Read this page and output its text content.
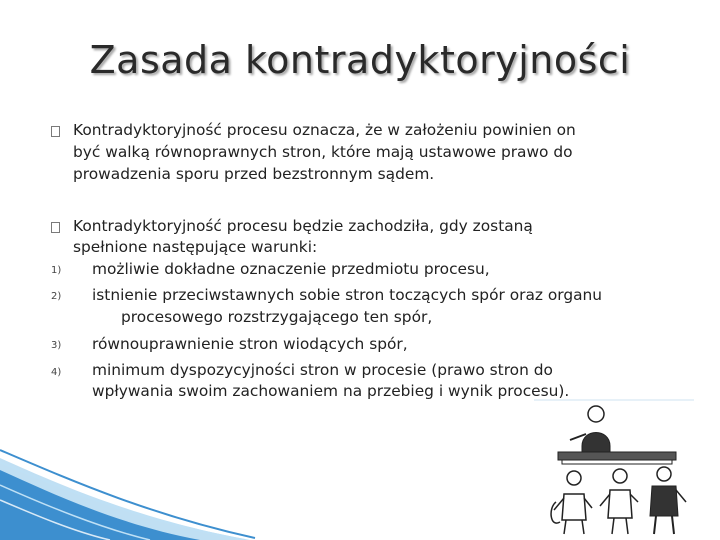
Zasada kontradyktoryjności
Kontradyktoryjność procesu oznacza, że w założeniu powinien on
być walką równoprawnych stron, które mają ustawowe prawo do
prowadzenia sporu przed bezstronnym sądem.
Kontradyktoryjność procesu będzie zachodziła, gdy zostaną
spełnione następujące warunki:
1) możliwie dokładne oznaczenie przedmiotu procesu,
2) istnienie przeciwstawnych sobie stron toczących spór oraz organu
procesowego rozstrzygającego ten spór,
3) równouprawnienie stron wiodących spór,
4) minimum dyspozycyjności stron w procesie (prawo stron do
wpływania swoim zachowaniem na przebieg i wynik procesu).
